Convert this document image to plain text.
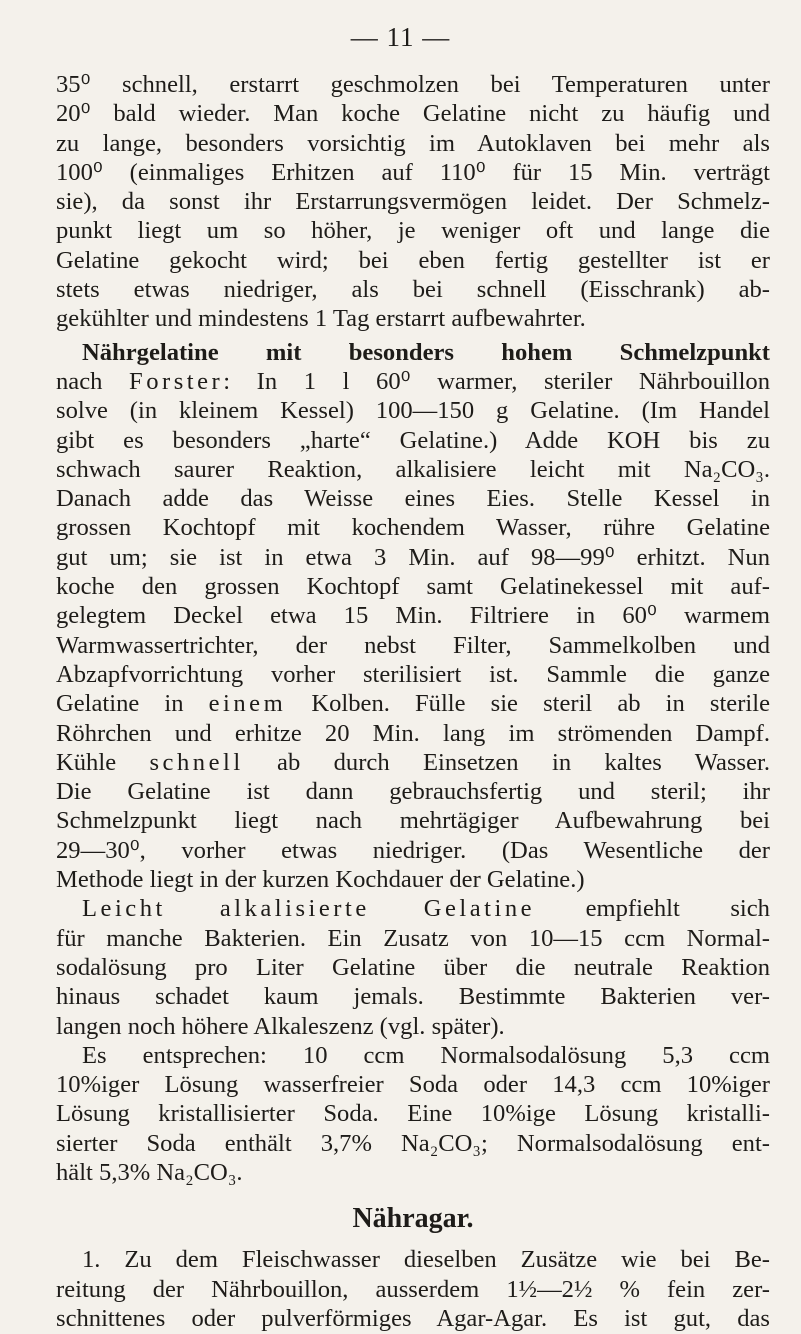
— 11 —
35⁰ schnell, erstarrt geschmolzen bei Temperaturen unter
20⁰ bald wieder. Man koche Gelatine nicht zu häufig und
zu lange, besonders vorsichtig im Autoklaven bei mehr als
100⁰ (einmaliges Erhitzen auf 110⁰ für 15 Min. verträgt
sie), da sonst ihr Erstarrungsvermögen leidet. Der Schmelz-
punkt liegt um so höher, je weniger oft und lange die
Gelatine gekocht wird; bei eben fertig gestellter ist er
stets etwas niedriger, als bei schnell (Eisschrank) ab-
gekühlter und mindestens 1 Tag erstarrt aufbewahrter.
Nährgelatine mit besonders hohem Schmelzpunkt
nach Forster: In 1 l 60⁰ warmer, steriler Nährbouillon
solve (in kleinem Kessel) 100—150 g Gelatine. (Im Handel
gibt es besonders „harte“ Gelatine.) Adde KOH bis zu
schwach saurer Reaktion, alkalisiere leicht mit Na₂CO₃.
Danach adde das Weisse eines Eies. Stelle Kessel in
grossen Kochtopf mit kochendem Wasser, rühre Gelatine
gut um; sie ist in etwa 3 Min. auf 98—99⁰ erhitzt. Nun
koche den grossen Kochtopf samt Gelatinekessel mit auf-
gelegtem Deckel etwa 15 Min. Filtriere in 60⁰ warmem
Warmwassertrichter, der nebst Filter, Sammelkolben und
Abzapfvorrichtung vorher sterilisiert ist. Sammle die ganze
Gelatine in einem Kolben. Fülle sie steril ab in sterile
Röhrchen und erhitze 20 Min. lang im strömenden Dampf.
Kühle schnell ab durch Einsetzen in kaltes Wasser.
Die Gelatine ist dann gebrauchsfertig und steril; ihr
Schmelzpunkt liegt nach mehrtägiger Aufbewahrung bei
29—30⁰, vorher etwas niedriger. (Das Wesentliche der
Methode liegt in der kurzen Kochdauer der Gelatine.)
Leicht alkalisierte Gelatine empfiehlt sich
für manche Bakterien. Ein Zusatz von 10—15 ccm Normal-
sodalösung pro Liter Gelatine über die neutrale Reaktion
hinaus schadet kaum jemals. Bestimmte Bakterien ver-
langen noch höhere Alkaleszenz (vgl. später).
Es entsprechen: 10 ccm Normalsodalösung 5,3 ccm
10%iger Lösung wasserfreier Soda oder 14,3 ccm 10%iger
Lösung kristallisierter Soda. Eine 10%ige Lösung kristalli-
sierter Soda enthält 3,7% Na₂CO₃; Normalsodalösung ent-
hält 5,3% Na₂CO₃.
Nähragar.
1. Zu dem Fleischwasser dieselben Zusätze wie bei Be-
reitung der Nährbouillon, ausserdem 1½—2½ % fein zer-
schnittenes oder pulverförmiges Agar-Agar. Es ist gut, das
